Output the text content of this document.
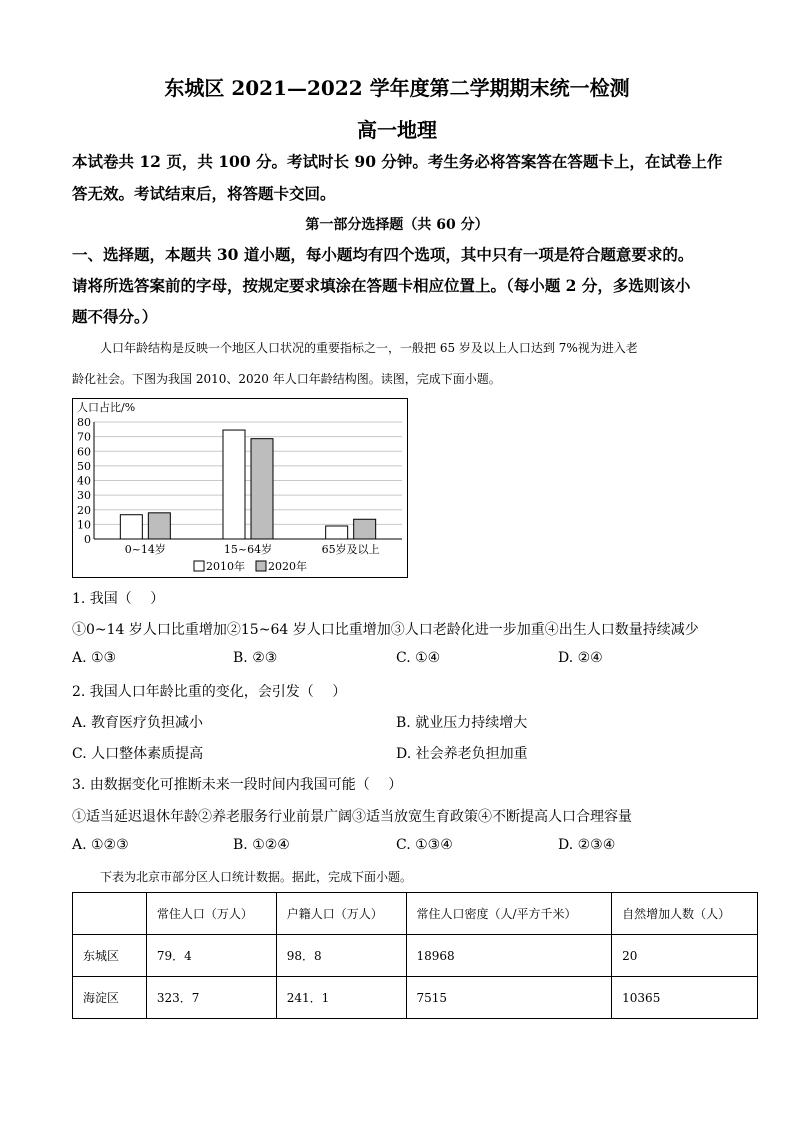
东城区 2021—2022 学年度第二学期期末统一检测
高一地理
本试卷共 12 页，共 100 分。考试时长 90 分钟。考生务必将答案答在答题卡上，在试卷上作
答无效。考试结束后，将答题卡交回。
第一部分选择题（共 60 分）
一、选择题，本题共 30 道小题，每小题均有四个选项，其中只有一项是符合题意要求的。
请将所选答案前的字母，按规定要求填涂在答题卡相应位置上。（每小题 2 分，多选则该小
题不得分。）
人口年龄结构是反映一个地区人口状况的重要指标之一，一般把 65 岁及以上人口达到 7%视为进入老
龄化社会。下图为我国 2010、2020 年人口年龄结构图。读图，完成下面小题。
人口占比/%
0
10
20
30
40
50
60
70
80
0~14岁	15~64岁	65岁及以上
2010年 2020年
1. 我国（　 ）
①0~14 岁人口比重增加②15~64 岁人口比重增加③人口老龄化进一步加重④出生人口数量持续减少
A. ①③	B. ②③	C. ①④	D. ②④
2. 我国人口年龄比重的变化，会引发（　 ）
A. 教育医疗负担减小	B. 就业压力持续增大
C. 人口整体素质提高	D. 社会养老负担加重
3. 由数据变化可推断未来一段时间内我国可能（　 ）
①适当延迟退休年龄②养老服务行业前景广阔③适当放宽生育政策④不断提高人口合理容量
A. ①②③	B. ①②④	C. ①③④	D. ②③④
下表为北京市部分区人口统计数据。据此，完成下面小题。
	常住人口（万人）	户籍人口（万人）	常住人口密度（人/平方千米）	自然增加人数（人）
东城区	79．4	98．8	18968	20
海淀区	323．7	241．1	7515	10365
